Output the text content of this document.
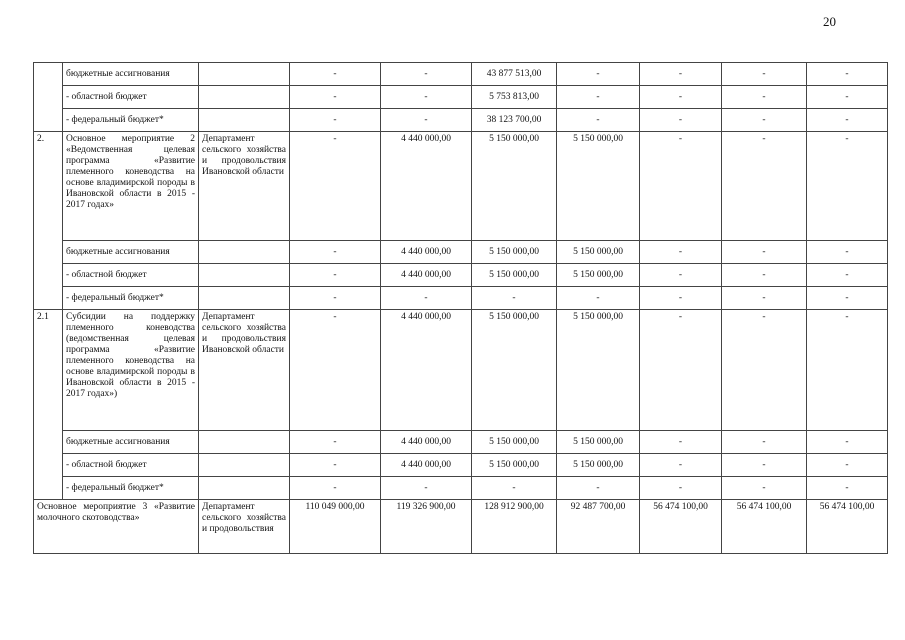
20
	бюджетные ассигнования		-	-	43 877 513,00	-	-	-	-
	- областной бюджет		-	-	5 753 813,00	-	-	-	-
	- федеральный бюджет*		-	-	38 123 700,00	-	-	-	-
2.	Основное мероприятие 2 «Ведомственная целевая программа «Развитие племенного коневодства на основе владимирской породы в Ивановской области в 2015 - 2017 годах»	Департамент сельского хозяйства и продовольствия Ивановской области	-	4 440 000,00	5 150 000,00	5 150 000,00	-	-	-
	бюджетные ассигнования		-	4 440 000,00	5 150 000,00	5 150 000,00	-	-	-
	- областной бюджет		-	4 440 000,00	5 150 000,00	5 150 000,00	-	-	-
	- федеральный бюджет*		-	-	-	-	-	-	-
2.1	Субсидии на поддержку племенного коневодства (ведомственная целевая программа «Развитие племенного коневодства на основе владимирской породы в Ивановской области в 2015 - 2017 годах»)	Департамент сельского хозяйства и продовольствия Ивановской области	-	4 440 000,00	5 150 000,00	5 150 000,00	-	-	-
	бюджетные ассигнования		-	4 440 000,00	5 150 000,00	5 150 000,00	-	-	-
	- областной бюджет		-	4 440 000,00	5 150 000,00	5 150 000,00	-	-	-
	- федеральный бюджет*		-	-	-	-	-	-	-
Основное мероприятие 3 «Развитие молочного скотоводства»		Департамент сельского хозяйства и продовольствия	110 049 000,00	119 326 900,00	128 912 900,00	92 487 700,00	56 474 100,00	56 474 100,00	56 474 100,00
